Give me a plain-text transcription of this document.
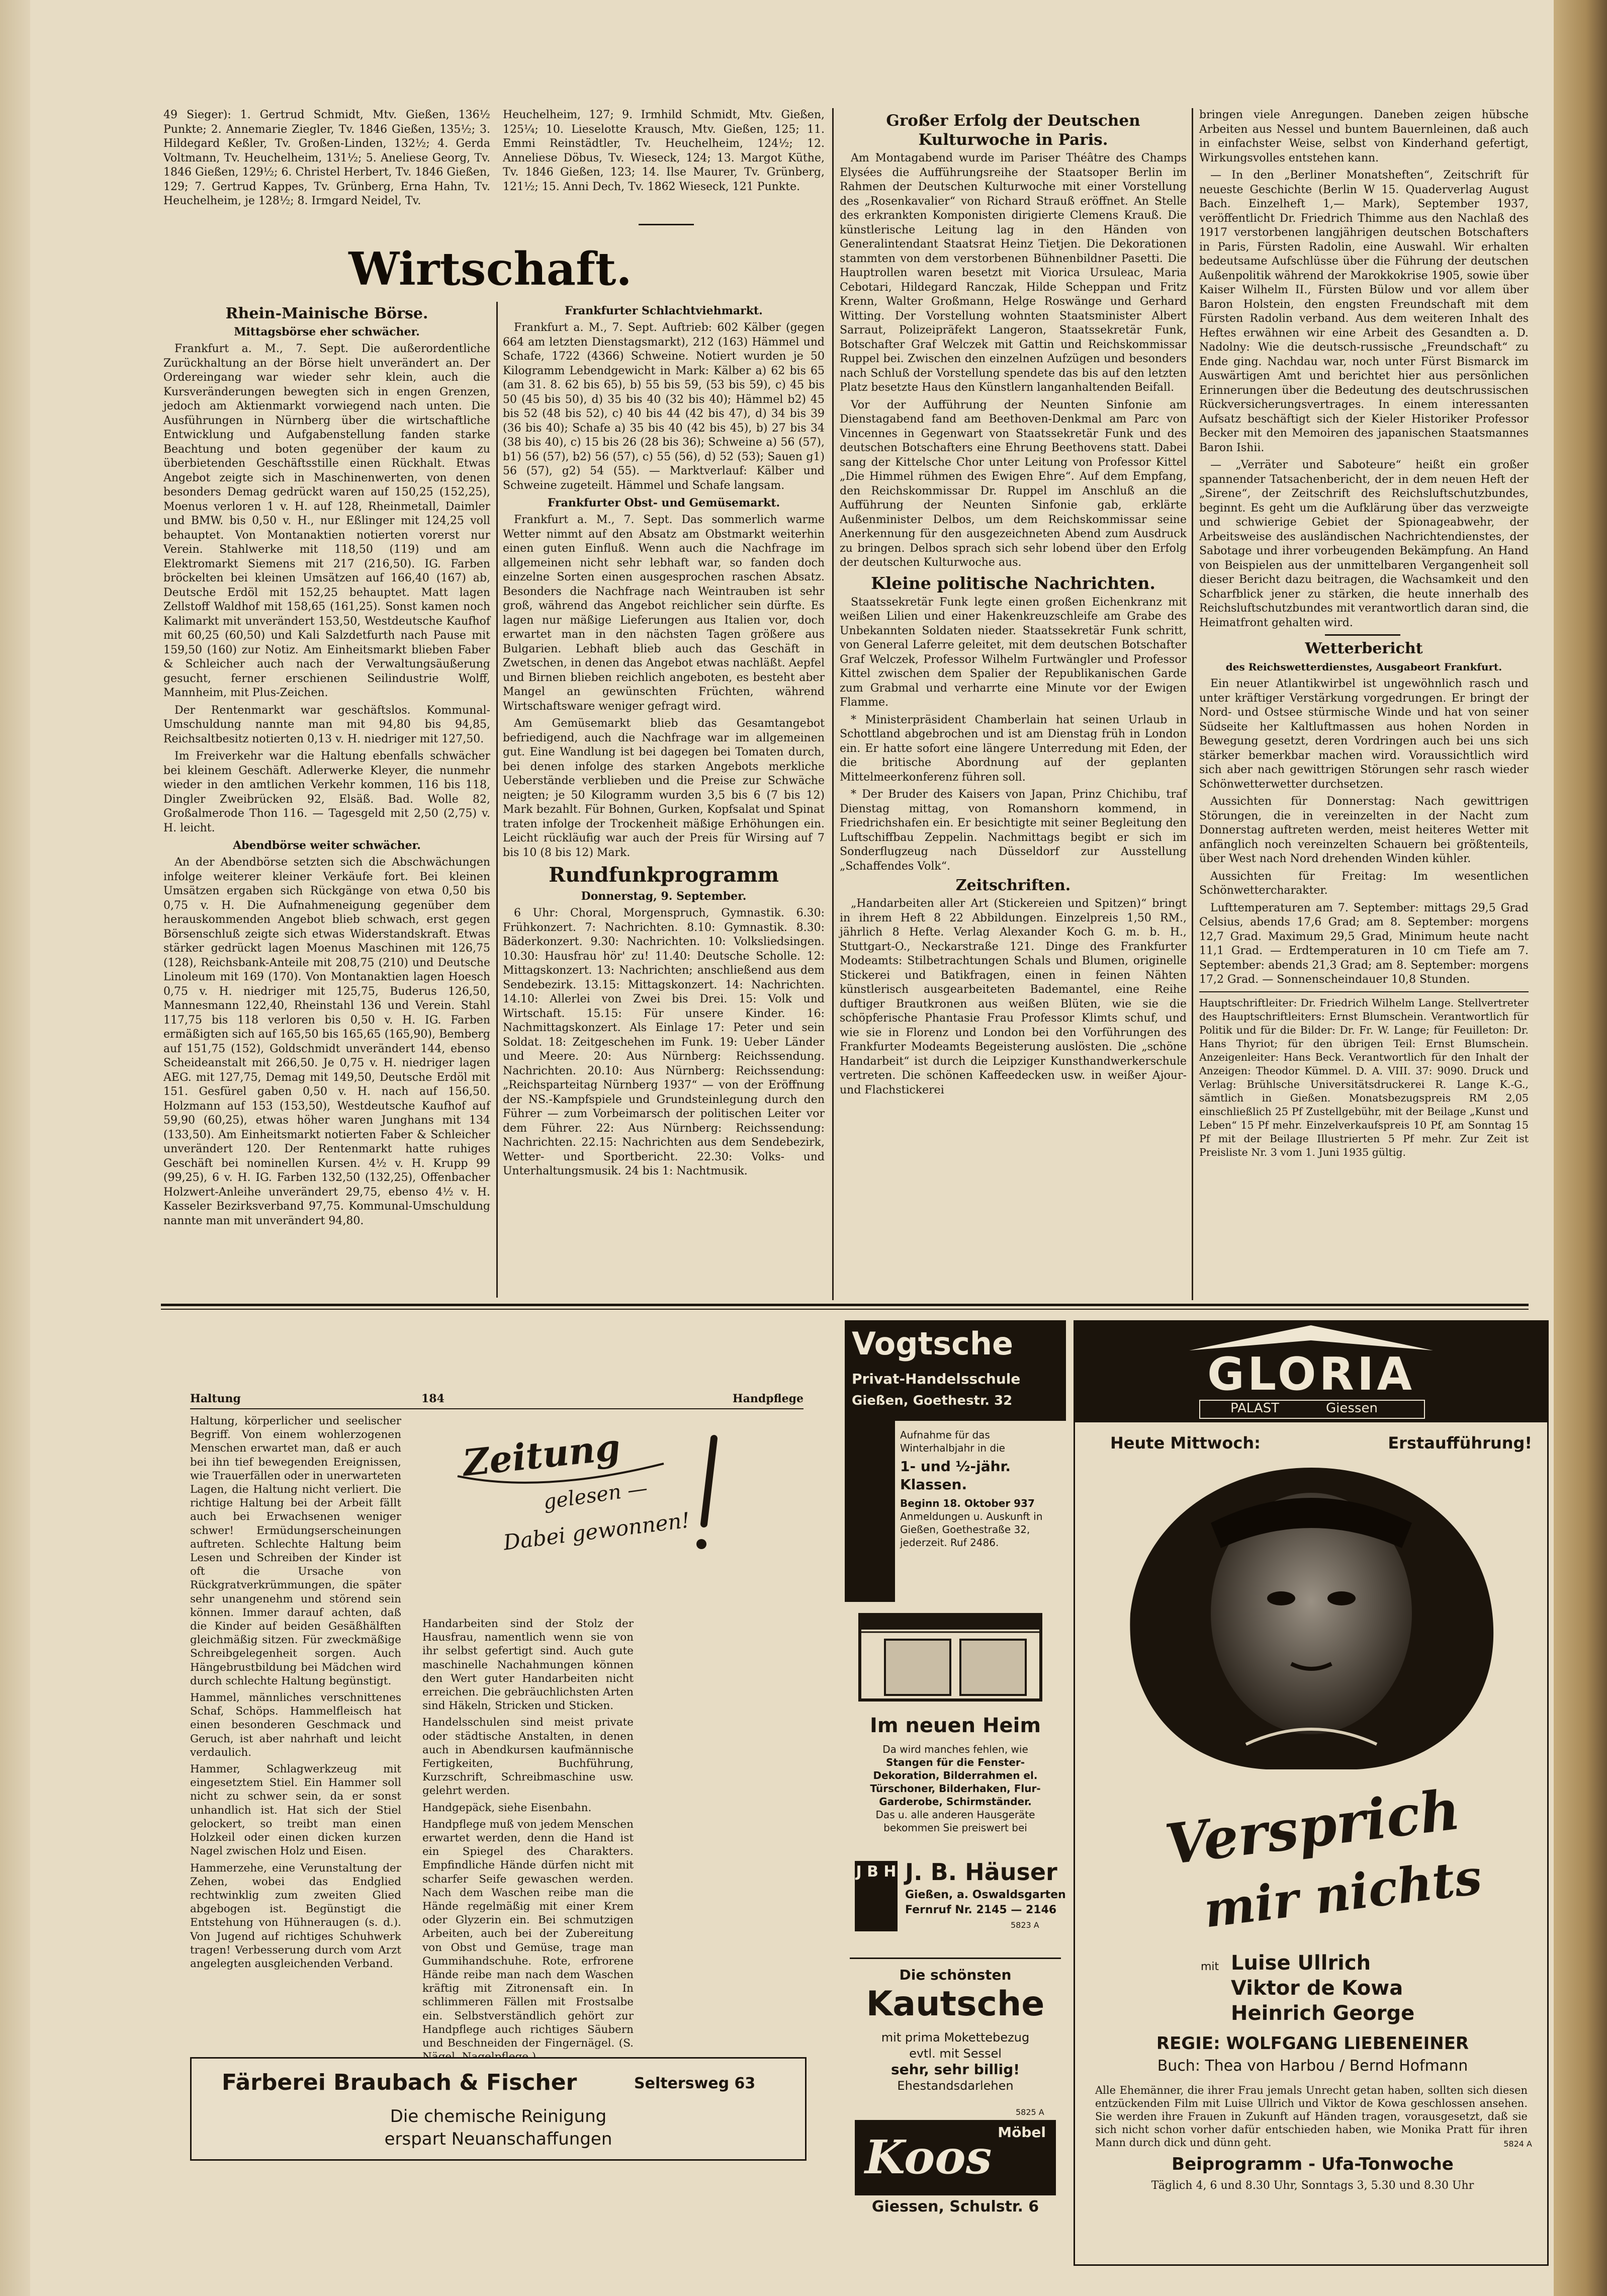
49 Sieger): 1. Gertrud Schmidt, Mtv. Gießen, 136½ Punkte; 2. Annemarie Ziegler, Tv. 1846 Gießen, 135½; 3. Hildegard Keßler, Tv. Großen-Linden, 132½; 4. Gerda Voltmann, Tv. Heuchelheim, 131½; 5. Aneliese Georg, Tv. 1846 Gießen, 129½; 6. Christel Herbert, Tv. 1846 Gießen, 129; 7. Gertrud Kappes, Tv. Grünberg, Erna Hahn, Tv. Heuchelheim, je 128½; 8. Irmgard Neidel, Tv.

Heuchelheim, 127; 9. Irmhild Schmidt, Mtv. Gießen, 125¼; 10. Lieselotte Krausch, Mtv. Gießen, 125; 11. Emmi Reinstädtler, Tv. Heuchelheim, 124½; 12. Anneliese Döbus, Tv. Wieseck, 124; 13. Margot Küthe, Tv. 1846 Gießen, 123; 14. Ilse Maurer, Tv. Grünberg, 121½; 15. Anni Dech, Tv. 1862 Wieseck, 121 Punkte.

Wirtschaft.
Rhein-Mainische Börse.
Mittagsbörse eher schwächer.

Frankfurt a. M., 7. Sept. Die außerordentliche Zurückhaltung an der Börse hielt unverändert an. Der Ordereingang war wieder sehr klein, auch die Kursveränderungen bewegten sich in engen Grenzen, jedoch am Aktienmarkt vorwiegend nach unten. Die Ausführungen in Nürnberg über die wirtschaftliche Entwicklung und Aufgabenstellung fanden starke Beachtung und boten gegenüber der kaum zu überbietenden Geschäftsstille einen Rückhalt. Etwas Angebot zeigte sich in Maschinenwerten, von denen besonders Demag gedrückt waren auf 150,25 (152,25), Moenus verloren 1 v. H. auf 128, Rheinmetall, Daimler und BMW. bis 0,50 v. H., nur Eßlinger mit 124,25 voll behauptet. Von Montanaktien notierten vorerst nur Verein. Stahlwerke mit 118,50 (119) und am Elektromarkt Siemens mit 217 (216,50). IG. Farben bröckelten bei kleinen Umsätzen auf 166,40 (167) ab, Deutsche Erdöl mit 152,25 behauptet. Matt lagen Zellstoff Waldhof mit 158,65 (161,25). Sonst kamen noch Kalimarkt mit unverändert 153,50, Westdeutsche Kaufhof mit 60,25 (60,50) und Kali Salzdetfurth nach Pause mit 159,50 (160) zur Notiz. Am Einheitsmarkt blieben Faber & Schleicher auch nach der Verwaltungsäußerung gesucht, ferner erschienen Seilindustrie Wolff, Mannheim, mit Plus-Zeichen.

Der Rentenmarkt war geschäftslos. Kommunal-Umschuldung nannte man mit 94,80 bis 94,85, Reichsaltbesitz notierten 0,13 v. H. niedriger mit 127,50.

Im Freiverkehr war die Haltung ebenfalls schwächer bei kleinem Geschäft. Adlerwerke Kleyer, die nunmehr wieder in den amtlichen Verkehr kommen, 116 bis 118, Dingler Zweibrücken 92, Elsäß. Bad. Wolle 82, Großalmerode Thon 116. — Tagesgeld mit 2,50 (2,75) v. H. leicht.

Abendbörse weiter schwächer.

An der Abendbörse setzten sich die Abschwächungen infolge weiterer kleiner Verkäufe fort. Bei kleinen Umsätzen ergaben sich Rückgänge von etwa 0,50 bis 0,75 v. H. Die Aufnahmeneigung gegenüber dem herauskommenden Angebot blieb schwach, erst gegen Börsenschluß zeigte sich etwas Widerstandskraft. Etwas stärker gedrückt lagen Moenus Maschinen mit 126,75 (128), Reichsbank-Anteile mit 208,75 (210) und Deutsche Linoleum mit 169 (170). Von Montanaktien lagen Hoesch 0,75 v. H. niedriger mit 125,75, Buderus 126,50, Mannesmann 122,40, Rheinstahl 136 und Verein. Stahl 117,75 bis 118 verloren bis 0,50 v. H. IG. Farben ermäßigten sich auf 165,50 bis 165,65 (165,90), Bemberg auf 151,75 (152), Goldschmidt unverändert 144, ebenso Scheideanstalt mit 266,50. Je 0,75 v. H. niedriger lagen AEG. mit 127,75, Demag mit 149,50, Deutsche Erdöl mit 151. Gesfürel gaben 0,50 v. H. nach auf 156,50. Holzmann auf 153 (153,50), Westdeutsche Kaufhof auf 59,90 (60,25), etwas höher waren Junghans mit 134 (133,50). Am Einheitsmarkt notierten Faber & Schleicher unverändert 120. Der Rentenmarkt hatte ruhiges Geschäft bei nominellen Kursen. 4½ v. H. Krupp 99 (99,25), 6 v. H. IG. Farben 132,50 (132,25), Offenbacher Holzwert-Anleihe unverändert 29,75, ebenso 4½ v. H. Kasseler Bezirksverband 97,75. Kommunal-Umschuldung nannte man mit unverändert 94,80.

Frankfurter Schlachtviehmarkt.

Frankfurt a. M., 7. Sept. Auftrieb: 602 Kälber (gegen 664 am letzten Dienstagsmarkt), 212 (163) Hämmel und Schafe, 1722 (4366) Schweine. Notiert wurden je 50 Kilogramm Lebendgewicht in Mark: Kälber a) 62 bis 65 (am 31. 8. 62 bis 65), b) 55 bis 59, (53 bis 59), c) 45 bis 50 (45 bis 50), d) 35 bis 40 (32 bis 40); Hämmel b2) 45 bis 52 (48 bis 52), c) 40 bis 44 (42 bis 47), d) 34 bis 39 (36 bis 40); Schafe a) 35 bis 40 (42 bis 45), b) 27 bis 34 (38 bis 40), c) 15 bis 26 (28 bis 36); Schweine a) 56 (57), b1) 56 (57), b2) 56 (57), c) 55 (56), d) 52 (53); Sauen g1) 56 (57), g2) 54 (55). — Marktverlauf: Kälber und Schweine zugeteilt. Hämmel und Schafe langsam.

Frankfurter Obst- und Gemüsemarkt.

Frankfurt a. M., 7. Sept. Das sommerlich warme Wetter nimmt auf den Absatz am Obstmarkt weiterhin einen guten Einfluß. Wenn auch die Nachfrage im allgemeinen nicht sehr lebhaft war, so fanden doch einzelne Sorten einen ausgesprochen raschen Absatz. Besonders die Nachfrage nach Weintrauben ist sehr groß, während das Angebot reichlicher sein dürfte. Es lagen nur mäßige Lieferungen aus Italien vor, doch erwartet man in den nächsten Tagen größere aus Bulgarien. Lebhaft blieb auch das Geschäft in Zwetschen, in denen das Angebot etwas nachläßt. Aepfel und Birnen blieben reichlich angeboten, es besteht aber Mangel an gewünschten Früchten, während Wirtschaftsware weniger gefragt wird.

Am Gemüsemarkt blieb das Gesamtangebot befriedigend, auch die Nachfrage war im allgemeinen gut. Eine Wandlung ist bei dagegen bei Tomaten durch, bei denen infolge des starken Angebots merkliche Ueberstände verblieben und die Preise zur Schwäche neigten; je 50 Kilogramm wurden 3,5 bis 6 (7 bis 12) Mark bezahlt. Für Bohnen, Gurken, Kopfsalat und Spinat traten infolge der Trockenheit mäßige Erhöhungen ein. Leicht rückläufig war auch der Preis für Wirsing auf 7 bis 10 (8 bis 12) Mark.

Rundfunkprogramm
Donnerstag, 9. September.

6 Uhr: Choral, Morgenspruch, Gymnastik. 6.30: Frühkonzert. 7: Nachrichten. 8.10: Gymnastik. 8.30: Bäderkonzert. 9.30: Nachrichten. 10: Volksliedsingen. 10.30: Hausfrau hör' zu! 11.40: Deutsche Scholle. 12: Mittagskonzert. 13: Nachrichten; anschließend aus dem Sendebezirk. 13.15: Mittagskonzert. 14: Nachrichten. 14.10: Allerlei von Zwei bis Drei. 15: Volk und Wirtschaft. 15.15: Für unsere Kinder. 16: Nachmittagskonzert. Als Einlage 17: Peter und sein Soldat. 18: Zeitgeschehen im Funk. 19: Ueber Länder und Meere. 20: Aus Nürnberg: Reichssendung. Nachrichten. 20.10: Aus Nürnberg: Reichssendung: „Reichsparteitag Nürnberg 1937“ — von der Eröffnung der NS.-Kampfspiele und Grundsteinlegung durch den Führer — zum Vorbeimarsch der politischen Leiter vor dem Führer. 22: Aus Nürnberg: Reichssendung: Nachrichten. 22.15: Nachrichten aus dem Sendebezirk, Wetter- und Sportbericht. 22.30: Volks- und Unterhaltungsmusik. 24 bis 1: Nachtmusik.

Großer Erfolg der Deutschen Kulturwoche in Paris.

Am Montagabend wurde im Pariser Théâtre des Champs Elysées die Aufführungsreihe der Staatsoper Berlin im Rahmen der Deutschen Kulturwoche mit einer Vorstellung des „Rosenkavalier“ von Richard Strauß eröffnet. An Stelle des erkrankten Komponisten dirigierte Clemens Krauß. Die künstlerische Leitung lag in den Händen von Generalintendant Staatsrat Heinz Tietjen. Die Dekorationen stammten von dem verstorbenen Bühnenbildner Pasetti. Die Hauptrollen waren besetzt mit Viorica Ursuleac, Maria Cebotari, Hildegard Ranczak, Hilde Scheppan und Fritz Krenn, Walter Großmann, Helge Roswänge und Gerhard Witting. Der Vorstellung wohnten Staatsminister Albert Sarraut, Polizeipräfekt Langeron, Staatssekretär Funk, Botschafter Graf Welczek mit Gattin und Reichskommissar Ruppel bei. Zwischen den einzelnen Aufzügen und besonders nach Schluß der Vorstellung spendete das bis auf den letzten Platz besetzte Haus den Künstlern langanhaltenden Beifall.

Vor der Aufführung der Neunten Sinfonie am Dienstagabend fand am Beethoven-Denkmal am Parc von Vincennes in Gegenwart von Staatssekretär Funk und des deutschen Botschafters eine Ehrung Beethovens statt. Dabei sang der Kittelsche Chor unter Leitung von Professor Kittel „Die Himmel rühmen des Ewigen Ehre“. Auf dem Empfang, den Reichskommissar Dr. Ruppel im Anschluß an die Aufführung der Neunten Sinfonie gab, erklärte Außenminister Delbos, um dem Reichskommissar seine Anerkennung für den ausgezeichneten Abend zum Ausdruck zu bringen. Delbos sprach sich sehr lobend über den Erfolg der deutschen Kulturwoche aus.

Kleine politische Nachrichten.

Staatssekretär Funk legte einen großen Eichenkranz mit weißen Lilien und einer Hakenkreuzschleife am Grabe des Unbekannten Soldaten nieder. Staatssekretär Funk schritt, von General Laferre geleitet, mit dem deutschen Botschafter Graf Welczek, Professor Wilhelm Furtwängler und Professor Kittel zwischen dem Spalier der Republikanischen Garde zum Grabmal und verharrte eine Minute vor der Ewigen Flamme.

* Ministerpräsident Chamberlain hat seinen Urlaub in Schottland abgebrochen und ist am Dienstag früh in London ein. Er hatte sofort eine längere Unterredung mit Eden, der die britische Abordnung auf der geplanten Mittelmeerkonferenz führen soll.

* Der Bruder des Kaisers von Japan, Prinz Chichibu, traf Dienstag mittag, von Romanshorn kommend, in Friedrichshafen ein. Er besichtigte mit seiner Begleitung den Luftschiffbau Zeppelin. Nachmittags begibt er sich im Sonderflugzeug nach Düsseldorf zur Ausstellung „Schaffendes Volk“.

Zeitschriften.

„Handarbeiten aller Art (Stickereien und Spitzen)“ bringt in ihrem Heft 8 22 Abbildungen. Einzelpreis 1,50 RM., jährlich 8 Hefte. Verlag Alexander Koch G. m. b. H., Stuttgart-O., Neckarstraße 121. Dinge des Frankfurter Modeamts: Stilbetrachtungen Schals und Blumen, originelle Stickerei und Batikfragen, einen in feinen Nähten künstlerisch ausgearbeiteten Bademantel, eine Reihe duftiger Brautkronen aus weißen Blüten, wie sie die schöpferische Phantasie Frau Professor Klimts schuf, und wie sie in Florenz und London bei den Vorführungen des Frankfurter Modeamts Begeisterung auslösten. Die „schöne Handarbeit“ ist durch die Leipziger Kunsthandwerkerschule vertreten. Die schönen Kaffeedecken usw. in weißer Ajour- und Flachstickerei

bringen viele Anregungen. Daneben zeigen hübsche Arbeiten aus Nessel und buntem Bauernleinen, daß auch in einfachster Weise, selbst von Kinderhand gefertigt, Wirkungsvolles entstehen kann.

— In den „Berliner Monatsheften“, Zeitschrift für neueste Geschichte (Berlin W 15. Quaderverlag August Bach. Einzelheft 1,— Mark), September 1937, veröffentlicht Dr. Friedrich Thimme aus den Nachlaß des 1917 verstorbenen langjährigen deutschen Botschafters in Paris, Fürsten Radolin, eine Auswahl. Wir erhalten bedeutsame Aufschlüsse über die Führung der deutschen Außenpolitik während der Marokkokrise 1905, sowie über Kaiser Wilhelm II., Fürsten Bülow und vor allem über Baron Holstein, den engsten Freundschaft mit dem Fürsten Radolin verband. Aus dem weiteren Inhalt des Heftes erwähnen wir eine Arbeit des Gesandten a. D. Nadolny: Wie die deutsch-russische „Freundschaft“ zu Ende ging. Nachdau war, noch unter Fürst Bismarck im Auswärtigen Amt und berichtet hier aus persönlichen Erinnerungen über die Bedeutung des deutschrussischen Rückversicherungsvertrages. In einem interessanten Aufsatz beschäftigt sich der Kieler Historiker Professor Becker mit den Memoiren des japanischen Staatsmannes Baron Ishii.

— „Verräter und Saboteure“ heißt ein großer spannender Tatsachenbericht, der in dem neuen Heft der „Sirene“, der Zeitschrift des Reichsluftschutzbundes, beginnt. Es geht um die Aufklärung über das verzweigte und schwierige Gebiet der Spionageabwehr, der Arbeitsweise des ausländischen Nachrichtendienstes, der Sabotage und ihrer vorbeugenden Bekämpfung. An Hand von Beispielen aus der unmittelbaren Vergangenheit soll dieser Bericht dazu beitragen, die Wachsamkeit und den Scharfblick jener zu stärken, die heute innerhalb des Reichsluftschutzbundes mit verantwortlich daran sind, die Heimatfront gehalten wird.

Wetterbericht
des Reichswetterdienstes, Ausgabeort Frankfurt.

Ein neuer Atlantikwirbel ist ungewöhnlich rasch und unter kräftiger Verstärkung vorgedrungen. Er bringt der Nord- und Ostsee stürmische Winde und hat von seiner Südseite her Kaltluftmassen aus hohen Norden in Bewegung gesetzt, deren Vordringen auch bei uns sich stärker bemerkbar machen wird. Voraussichtlich wird sich aber nach gewittrigen Störungen sehr rasch wieder Schönwetterwetter durchsetzen.

Aussichten für Donnerstag: Nach gewittrigen Störungen, die in vereinzelten in der Nacht zum Donnerstag auftreten werden, meist heiteres Wetter mit anfänglich noch vereinzelten Schauern bei größtenteils, über West nach Nord drehenden Winden kühler.

Aussichten für Freitag: Im wesentlichen Schönwettercharakter.

Lufttemperaturen am 7. September: mittags 29,5 Grad Celsius, abends 17,6 Grad; am 8. September: morgens 12,7 Grad. Maximum 29,5 Grad, Minimum heute nacht 11,1 Grad. — Erdtemperaturen in 10 cm Tiefe am 7. September: abends 21,3 Grad; am 8. September: morgens 17,2 Grad. — Sonnenscheindauer 10,8 Stunden.

Hauptschriftleiter: Dr. Friedrich Wilhelm Lange. Stellvertreter des Hauptschriftleiters: Ernst Blumschein. Verantwortlich für Politik und für die Bilder: Dr. Fr. W. Lange; für Feuilleton: Dr. Hans Thyriot; für den übrigen Teil: Ernst Blumschein. Anzeigenleiter: Hans Beck. Verantwortlich für den Inhalt der Anzeigen: Theodor Kümmel. D. A. VIII. 37: 9090. Druck und Verlag: Brühlsche Universitätsdruckerei R. Lange K.-G., sämtlich in Gießen. Monatsbezugspreis RM 2,05 einschließlich 25 Pf Zustellgebühr, mit der Beilage „Kunst und Leben“ 15 Pf mehr. Einzelverkaufspreis 10 Pf, am Sonntag 15 Pf mit der Beilage Illustrierten 5 Pf mehr. Zur Zeit ist Preisliste Nr. 3 vom 1. Juni 1935 gültig.

Haltung	184	Handpflege

Haltung, körperlicher und seelischer Begriff. Von einem wohlerzogenen Menschen erwartet man, daß er auch bei ihn tief bewegenden Ereignissen, wie Trauerfällen oder in unerwarteten Lagen, die Haltung nicht verliert. Die richtige Haltung bei der Arbeit fällt auch bei Erwachsenen weniger schwer! Ermüdungserscheinungen auftreten. Schlechte Haltung beim Lesen und Schreiben der Kinder ist oft die Ursache von Rückgratverkrümmungen, die später sehr unangenehm und störend sein können. Immer darauf achten, daß die Kinder auf beiden Gesäßhälften gleichmäßig sitzen. Für zweckmäßige Schreibgelegenheit sorgen. Auch Hängebrustbildung bei Mädchen wird durch schlechte Haltung begünstigt.

Hammel, männliches verschnittenes Schaf, Schöps. Hammelfleisch hat einen besonderen Geschmack und Geruch, ist aber nahrhaft und leicht verdaulich.

Hammer, Schlagwerkzeug mit eingesetztem Stiel. Ein Hammer soll nicht zu schwer sein, da er sonst unhandlich ist. Hat sich der Stiel gelockert, so treibt man einen Holzkeil oder einen dicken kurzen Nagel zwischen Holz und Eisen.

Hammerzehe, eine Verunstaltung der Zehen, wobei das Endglied rechtwinklig zum zweiten Glied abgebogen ist. Begünstigt die Entstehung von Hühneraugen (s. d.). Von Jugend auf richtiges Schuhwerk tragen! Verbesserung durch vom Arzt angelegten ausgleichenden Verband.

Zeitung
gelesen —
Dabei gewonnen!

Handarbeiten sind der Stolz der Hausfrau, namentlich wenn sie von ihr selbst gefertigt sind. Auch gute maschinelle Nachahmungen können den Wert guter Handarbeiten nicht erreichen. Die gebräuchlichsten Arten sind Häkeln, Stricken und Sticken.

Handelsschulen sind meist private oder städtische Anstalten, in denen auch in Abendkursen kaufmännische Fertigkeiten, Buchführung, Kurzschrift, Schreibmaschine usw. gelehrt werden.

Handgepäck, siehe Eisenbahn.

Handpflege muß von jedem Menschen erwartet werden, denn die Hand ist ein Spiegel des Charakters. Empfindliche Hände dürfen nicht mit scharfer Seife gewaschen werden. Nach dem Waschen reibe man die Hände regelmäßig mit einer Krem oder Glyzerin ein. Bei schmutzigen Arbeiten, auch bei der Zubereitung von Obst und Gemüse, trage man Gummihandschuhe. Rote, erfrorene Hände reibe man nach dem Waschen kräftig mit Zitronensaft ein. In schlimmeren Fällen mit Frostsalbe ein. Selbstverständlich gehört zur Handpflege auch richtiges Säubern und Beschneiden der Fingernägel. (S.

Färberei Braubach & Fischer	Seltersweg 63
Die chemische Reinigung
erspart Neuanschaffungen
Vogtsche
Privat-Handelsschule
Gießen, Goethestr. 32
Aufnahme für das Winterhalbjahr in die
1- und ½-jähr. Klassen.
Beginn 18. Oktober 937
Anmeldungen u. Auskunft in Gießen, Goethestraße 32, jederzeit. Ruf 2486.
Im neuen Heim
Da wird manches fehlen, wie
Stangen für die Fenster-Dekoration, Bilderrahmen el. Türschoner, Bilderhaken, Flur-Garderobe, Schirmständer.
Das u. alle anderen Hausgeräte bekommen Sie preiswert bei
J B H J. B. Häuser
Gießen, a. Oswaldsgarten
Fernruf Nr. 2145 — 2146
5823 A
Die schönsten
Kautsche
mit prima Mokettebezug
evtl. mit Sessel
sehr, sehr billig!
Ehestandsdarlehen
5825 A
Möbel
Koos
Giessen, Schulstr. 6
GLORIA
PALAST	Giessen
Heute Mittwoch:	Erstaufführung!
Versprich
mir nichts
mit Luise Ullrich
Viktor de Kowa
Heinrich George
REGIE: WOLFGANG LIEBENEINER
Buch: Thea von Harbou / Bernd Hofmann
Alle Ehemänner, die ihrer Frau jemals Unrecht getan haben, sollten sich diesen entzückenden Film mit Luise Ullrich und Viktor de Kowa geschlossen ansehen. Sie werden ihre Frauen in Zukunft auf Händen tragen, vorausgesetzt, daß sie sich nicht schon vorher dafür entschieden haben, wie Monika Pratt für ihren Mann durch dick und dünn geht.	5824 A
Beiprogramm - Ufa-Tonwoche
Täglich 4, 6 und 8.30 Uhr, Sonntags 3, 5.30 und 8.30 Uhr
